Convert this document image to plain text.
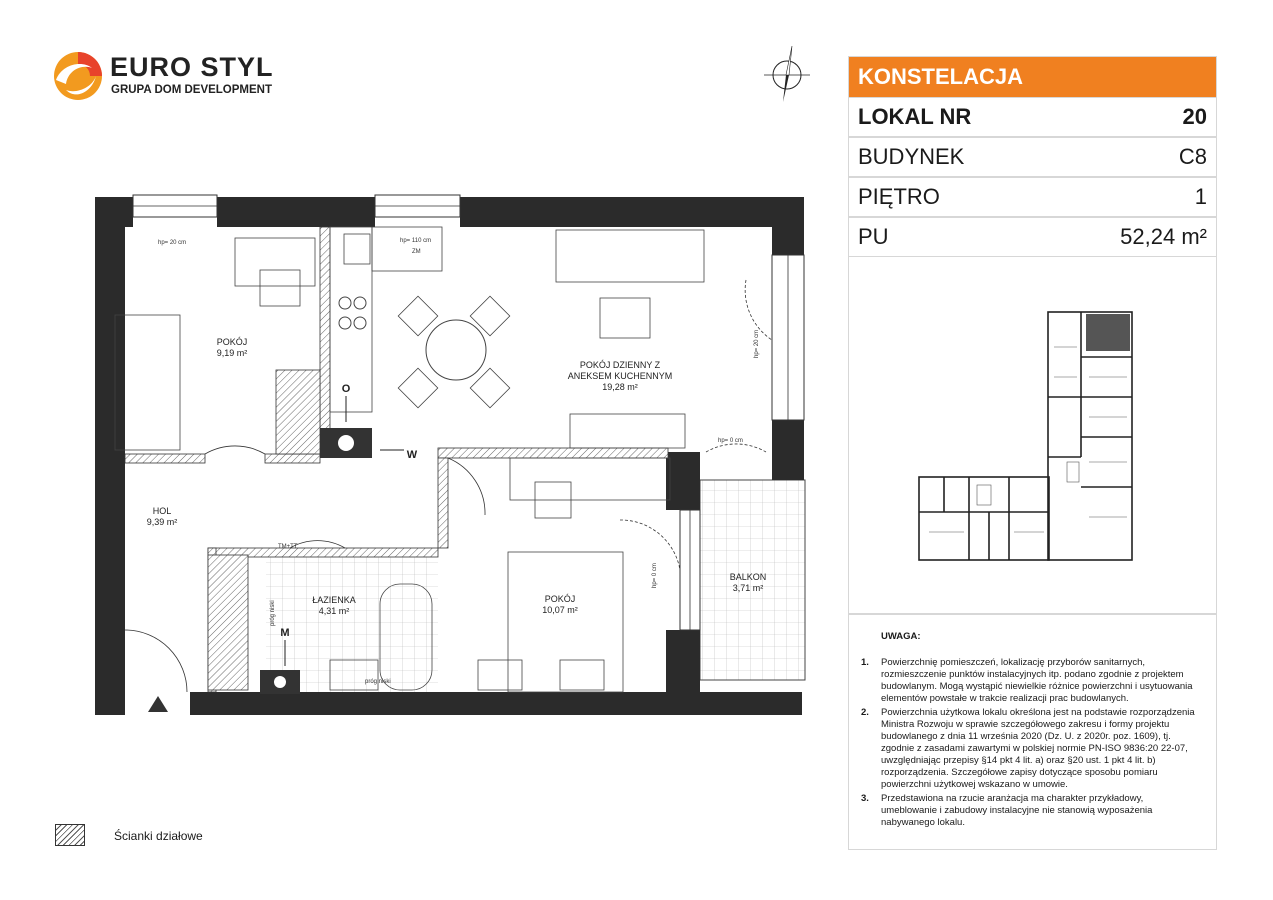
EURO STYL
GRUPA DOM DEVELOPMENT
POKÓJ
9,19 m²
POKÓJ DZIENNY Z
ANEKSEM KUCHENNYM
19,28 m²
HOL
9,39 m²
ŁAZIENKA
4,31 m²
POKÓJ
10,07 m²
BALKON
3,71 m²
hp= 20 cm	hp= 110 cm
ZM
hp= 20 cm
hp= 0 cm
hp= 0 cm
TM+TT
próg niski
próg niski
O
W
M
KONSTELACJA
LOKAL NR	20
BUDYNEK	C8
PIĘTRO	1
PU	52,24 m²
UWAGA:
1.	Powierzchnię pomieszczeń, lokalizację przyborów sanitarnych, rozmieszczenie punktów instalacyjnych itp. podano zgodnie z projektem budowlanym. Mogą wystąpić niewielkie różnice powierzchni i usytuowania elementów powstałe w trakcie realizacji prac budowlanych.
2.	Powierzchnia użytkowa lokalu określona jest na podstawie rozporządzenia Ministra Rozwoju w sprawie szczegółowego zakresu i formy projektu budowlanego z dnia 11 września 2020 (Dz. U. z 2020r. poz. 1609), tj. zgodnie z zasadami zawartymi w polskiej normie PN-ISO 9836:20 22-07, uwzględniając przepisy §14 pkt 4 lit. a) oraz §20 ust. 1 pkt 4 lit. b) rozporządzenia. Szczegółowe zapisy dotyczące sposobu pomiaru powierzchni użytkowej wskazano w umowie.
3.	Przedstawiona na rzucie aranżacja ma charakter przykładowy, umeblowanie i zabudowy instalacyjne nie stanowią wyposażenia nabywanego lokalu.
Ścianki działowe
